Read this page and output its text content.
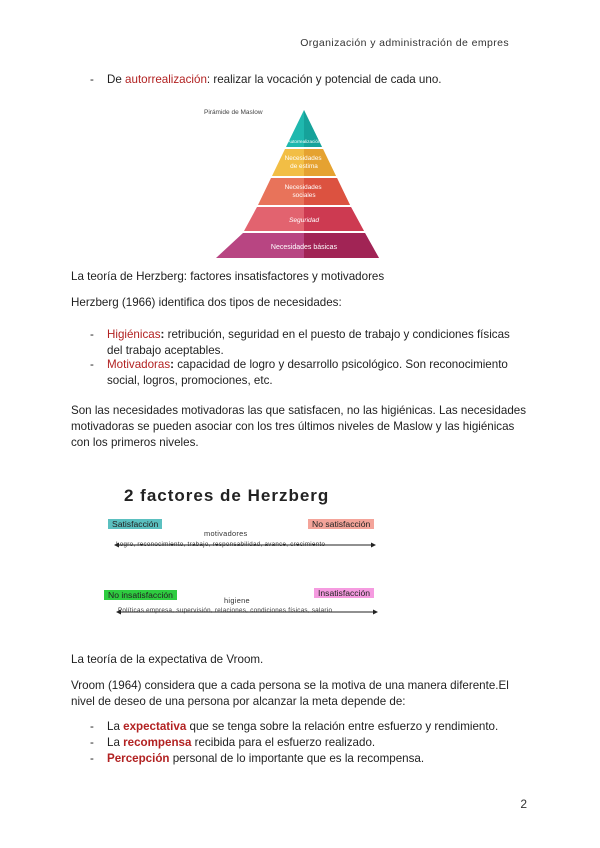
Organización y administración de empres
- De autorrealización: realizar la vocación y potencial de cada uno.
Pirámide de Maslow
Autorrealización
Necesidades de estima
Necesidades sociales
Seguridad
Necesidades básicas
La teoría de Herzberg: factores insatisfactores y motivadores
Herzberg (1966) identifica dos tipos de necesidades:
- Higiénicas: retribución, seguridad en el puesto de trabajo y condiciones físicas del trabajo aceptables.
- Motivadoras: capacidad de logro y desarrollo psicológico. Son reconocimiento social, logros, promociones, etc.
Son las necesidades motivadoras las que satisfacen, no las higiénicas. Las necesidades motivadoras se pueden asociar con los tres últimos niveles de Maslow y las higiénicas con los primeros niveles.
2 factores de Herzberg
Satisfacción	No satisfacción
motivadores
Logro, reconocimiento, trabajo, responsabilidad, avance, crecimiento
No insatisfacción	Insatisfacción
higiene
Políticas empresa, supervisión, relaciones, condiciones físicas, salario
La teoría de la expectativa de Vroom.
Vroom (1964) considera que a cada persona se la motiva de una manera diferente.El nivel de deseo de una persona por alcanzar la meta depende de:
- La expectativa que se tenga sobre la relación entre esfuerzo y rendimiento.
- La recompensa recibida para el esfuerzo realizado.
- Percepción personal de lo importante que es la recompensa.
2
